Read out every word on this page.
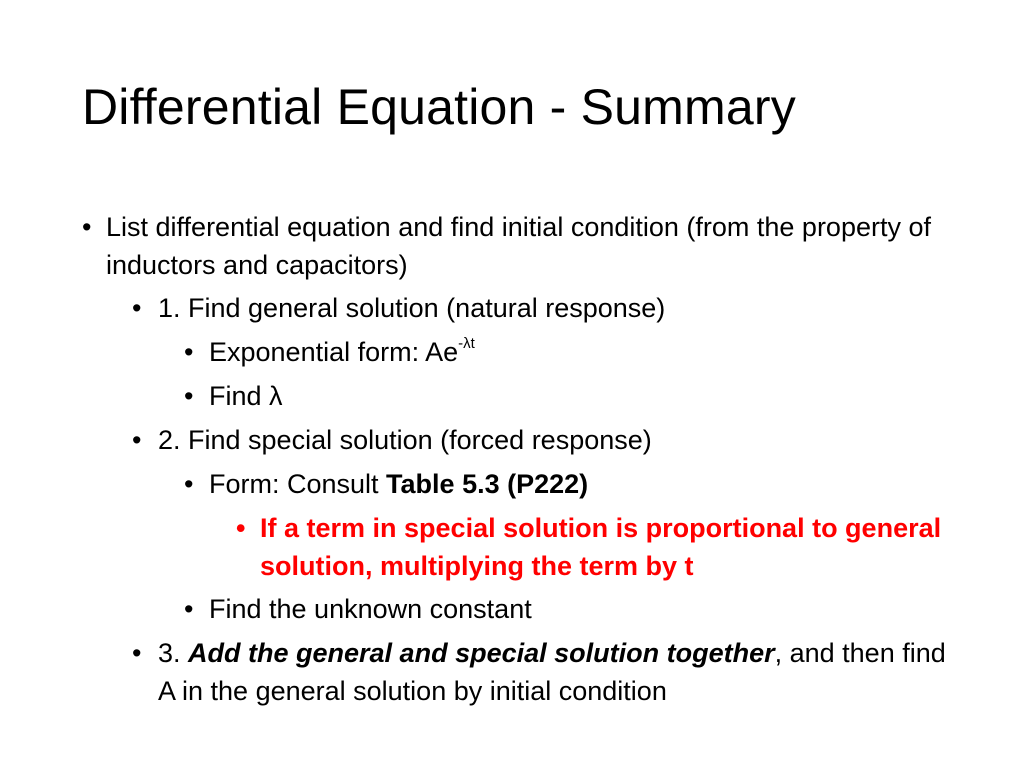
Differential Equation - Summary
• List differential equation and find initial condition (from the property of inductors and capacitors)
• 1. Find general solution (natural response)
• Exponential form: $Ae^{-\lambda t}$
• Find λ
• 2. Find special solution (forced response)
• Form: Consult Table 5.3 (P222)
• If a term in special solution is proportional to general solution, multiplying the term by t
• Find the unknown constant
• 3. Add the general and special solution together, and then find A in the general solution by initial condition
